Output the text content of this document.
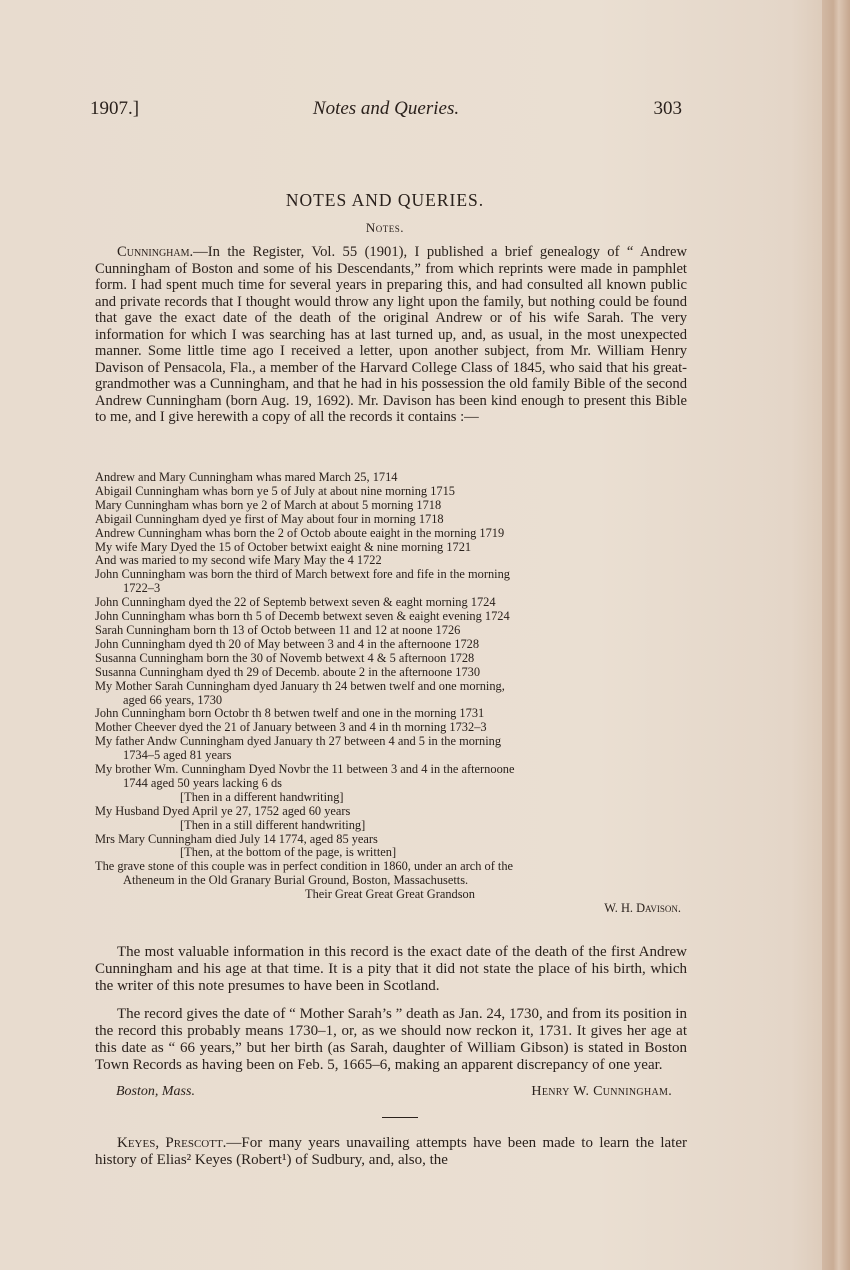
1907.]	Notes and Queries.	303
NOTES AND QUERIES.
Notes.

Cunningham.—In the Register, Vol. 55 (1901), I published a brief genealogy of “ Andrew Cunningham of Boston and some of his Descendants,” from which reprints were made in pamphlet form. I had spent much time for several years in preparing this, and had consulted all known public and private records that I thought would throw any light upon the family, but nothing could be found that gave the exact date of the death of the original Andrew or of his wife Sarah. The very information for which I was searching has at last turned up, and, as usual, in the most unexpected manner. Some little time ago I received a letter, upon another subject, from Mr. William Henry Davison of Pensacola, Fla., a member of the Harvard College Class of 1845, who said that his great-grandmother was a Cunningham, and that he had in his possession the old family Bible of the second Andrew Cunningham (born Aug. 19, 1692). Mr. Davison has been kind enough to present this Bible to me, and I give herewith a copy of all the records it contains :—

Andrew and Mary Cunningham whas mared March 25, 1714
Abigail Cunningham whas born ye 5 of July at about nine morning 1715
Mary Cunningham whas born ye 2 of March at about 5 morning 1718
Abigail Cunningham dyed ye first of May about four in morning 1718
Andrew Cunningham whas born the 2 of Octob aboute eaight in the morning 1719
My wife Mary Dyed the 15 of October betwixt eaight & nine morning 1721
And was maried to my second wife Mary May the 4 1722
John Cunningham was born the third of March betwext fore and fife in the morning
1722–3
John Cunningham dyed the 22 of Septemb betwext seven & eaght morning 1724
John Cunningham whas born th 5 of Decemb betwext seven & eaight evening 1724
Sarah Cunningham born th 13 of Octob between 11 and 12 at noone 1726
John Cunningham dyed th 20 of May between 3 and 4 in the afternoone 1728
Susanna Cunningham born the 30 of Novemb betwext 4 & 5 afternoon 1728
Susanna Cunningham dyed th 29 of Decemb. aboute 2 in the afternoone 1730
My Mother Sarah Cunningham dyed January th 24 betwen twelf and one morning,
aged 66 years, 1730
John Cunningham born Octobr th 8 betwen twelf and one in the morning 1731
Mother Cheever dyed the 21 of January between 3 and 4 in th morning 1732–3
My father Andw Cunningham dyed January th 27 between 4 and 5 in the morning
1734–5 aged 81 years
My brother Wm. Cunningham Dyed Novbr the 11 between 3 and 4 in the afternoone
1744 aged 50 years lacking 6 ds
[Then in a different handwriting]
My Husband Dyed April ye 27, 1752 aged 60 years
[Then in a still different handwriting]
Mrs Mary Cunningham died July 14 1774, aged 85 years
[Then, at the bottom of the page, is written]
The grave stone of this couple was in perfect condition in 1860, under an arch of the
Atheneum in the Old Granary Burial Ground, Boston, Massachusetts.
Their Great Great Great Grandson
W. H. Davison.

The most valuable information in this record is the exact date of the death of the first Andrew Cunningham and his age at that time. It is a pity that it did not state the place of his birth, which the writer of this note presumes to have been in Scotland.

The record gives the date of “ Mother Sarah’s ” death as Jan. 24, 1730, and from its position in the record this probably means 1730–1, or, as we should now reckon it, 1731. It gives her age at this date as “ 66 years,” but her birth (as Sarah, daughter of William Gibson) is stated in Boston Town Records as having been on Feb. 5, 1665–6, making an apparent discrepancy of one year.

Boston, Mass.	Henry W. Cunningham.

Keyes, Prescott.—For many years unavailing attempts have been made to learn the later history of Elias² Keyes (Robert¹) of Sudbury, and, also, the
